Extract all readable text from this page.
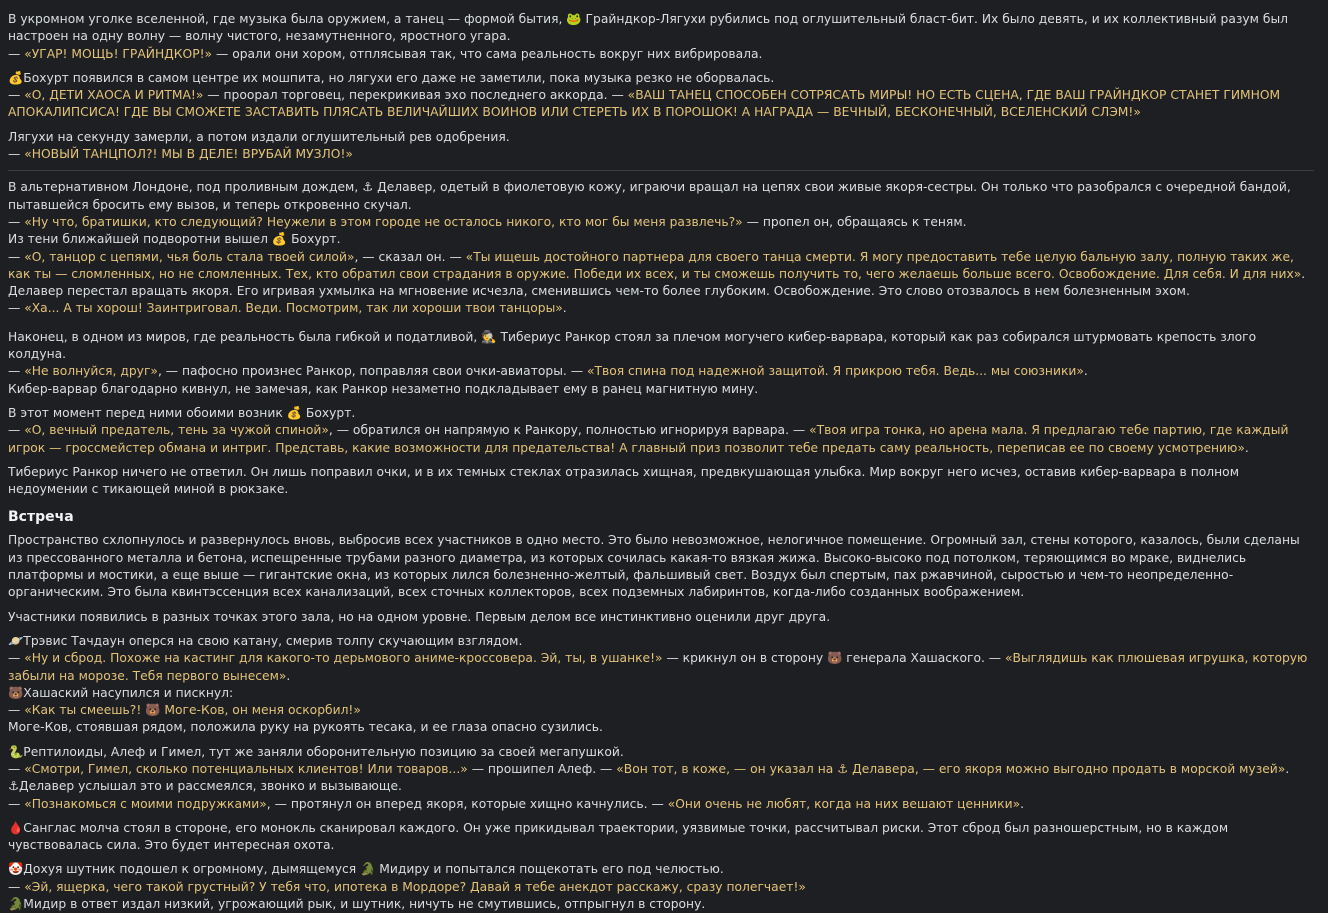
В укромном уголке вселенной, где музыка была оружием, а танец — формой бытия, 🐸 Грайндкор-Лягухи рубились под оглушительный бласт-бит. Их было девять, и их коллективный разум был настроен на одну волну — волну чистого, незамутненного, яростного угара.
— «УГАР! МОЩЬ! ГРАЙНДКОР!» — орали они хором, отплясывая так, что сама реальность вокруг них вибрировала.
💰Бохурт появился в самом центре их мошпита, но лягухи его даже не заметили, пока музыка резко не оборвалась.
— «О, ДЕТИ ХАОСА И РИТМА!» — проорал торговец, перекрикивая эхо последнего аккорда. — «ВАШ ТАНЕЦ СПОСОБЕН СОТРЯСАТЬ МИРЫ! НО ЕСТЬ СЦЕНА, ГДЕ ВАШ ГРАЙНДКОР СТАНЕТ ГИМНОМ АПОКАЛИПСИСА! ГДЕ ВЫ СМОЖЕТЕ ЗАСТАВИТЬ ПЛЯСАТЬ ВЕЛИЧАЙШИХ ВОИНОВ ИЛИ СТЕРЕТЬ ИХ В ПОРОШОК! А НАГРАДА — ВЕЧНЫЙ, БЕСКОНЕЧНЫЙ, ВСЕЛЕНСКИЙ СЛЭМ!»
Лягухи на секунду замерли, а потом издали оглушительный рев одобрения.
— «НОВЫЙ ТАНЦПОЛ?! МЫ В ДЕЛЕ! ВРУБАЙ МУЗЛО!»
В альтернативном Лондоне, под проливным дождем, ⚓ Делавер, одетый в фиолетовую кожу, играючи вращал на цепях свои живые якоря-сестры. Он только что разобрался с очередной бандой, пытавшейся бросить ему вызов, и теперь откровенно скучал.
— «Ну что, братишки, кто следующий? Неужели в этом городе не осталось никого, кто мог бы меня развлечь?» — пропел он, обращаясь к теням.
Из тени ближайшей подворотни вышел 💰 Бохурт.
— «О, танцор с цепями, чья боль стала твоей силой», — сказал он. — «Ты ищешь достойного партнера для своего танца смерти. Я могу предоставить тебе целую бальную залу, полную таких же, как ты — сломленных, но не сломленных. Тех, кто обратил свои страдания в оружие. Победи их всех, и ты сможешь получить то, чего желаешь больше всего. Освобождение. Для себя. И для них».
Делавер перестал вращать якоря. Его игривая ухмылка на мгновение исчезла, сменившись чем-то более глубоким. Освобождение. Это слово отозвалось в нем болезненным эхом.
— «Ха... А ты хорош! Заинтриговал. Веди. Посмотрим, так ли хороши твои танцоры».
Наконец, в одном из миров, где реальность была гибкой и податливой, 🕵 Тибериус Ранкор стоял за плечом могучего кибер-варвара, который как раз собирался штурмовать крепость злого колдуна.
— «Не волнуйся, друг», — пафосно произнес Ранкор, поправляя свои очки-авиаторы. — «Твоя спина под надежной защитой. Я прикрою тебя. Ведь... мы союзники».
Кибер-варвар благодарно кивнул, не замечая, как Ранкор незаметно подкладывает ему в ранец магнитную мину.
В этот момент перед ними обоими возник 💰 Бохурт.
— «О, вечный предатель, тень за чужой спиной», — обратился он напрямую к Ранкору, полностью игнорируя варвара. — «Твоя игра тонка, но арена мала. Я предлагаю тебе партию, где каждый игрок — гроссмейстер обмана и интриг. Представь, какие возможности для предательства! А главный приз позволит тебе предать саму реальность, переписав ее по своему усмотрению».
Тибериус Ранкор ничего не ответил. Он лишь поправил очки, и в их темных стеклах отразилась хищная, предвкушающая улыбка. Мир вокруг него исчез, оставив кибер-варвара в полном недоумении с тикающей миной в рюкзаке.
Встреча
Пространство схлопнулось и развернулось вновь, выбросив всех участников в одно место. Это было невозможное, нелогичное помещение. Огромный зал, стены которого, казалось, были сделаны из прессованного металла и бетона, испещренные трубами разного диаметра, из которых сочилась какая-то вязкая жижа. Высоко-высоко под потолком, теряющимся во мраке, виднелись платформы и мостики, а еще выше — гигантские окна, из которых лился болезненно-желтый, фальшивый свет. Воздух был спертым, пах ржавчиной, сыростью и чем-то неопределенно-органическим. Это была квинтэссенция всех канализаций, всех сточных коллекторов, всех подземных лабиринтов, когда-либо созданных воображением.
Участники появились в разных точках этого зала, но на одном уровне. Первым делом все инстинктивно оценили друг друга.
🪐Трэвис Тачдаун оперся на свою катану, смерив толпу скучающим взглядом.
— «Ну и сброд. Похоже на кастинг для какого-то дерьмового аниме-кроссовера. Эй, ты, в ушанке!» — крикнул он в сторону 🐻 генерала Хашаского. — «Выглядишь как плюшевая игрушка, которую забыли на морозе. Тебя первого вынесем».
🐻Хашаский насупился и пискнул:
— «Как ты смеешь?! 🐻 Моге-Ков, он меня оскорбил!»
Моге-Ков, стоявшая рядом, положила руку на рукоять тесака, и ее глаза опасно сузились.
🐍Рептилоиды, Алеф и Гимел, тут же заняли оборонительную позицию за своей мегапушкой.
— «Смотри, Гимел, сколько потенциальных клиентов! Или товаров...» — прошипел Алеф. — «Вон тот, в коже, — он указал на ⚓ Делавера, — его якоря можно выгодно продать в морской музей».
⚓Делавер услышал это и рассмеялся, звонко и вызывающе.
— «Познакомься с моими подружками», — протянул он вперед якоря, которые хищно качнулись. — «Они очень не любят, когда на них вешают ценники».
🩸Санглас молча стоял в стороне, его монокль сканировал каждого. Он уже прикидывал траектории, уязвимые точки, рассчитывал риски. Этот сброд был разношерстным, но в каждом чувствовалась сила. Это будет интересная охота.
🤡Дохуя шутник подошел к огромному, дымящемуся 🐊 Мидиру и попытался пощекотать его под челюстью.
— «Эй, ящерка, чего такой грустный? У тебя что, ипотека в Мордоре? Давай я тебе анекдот расскажу, сразу полегчает!»
🐊Мидир в ответ издал низкий, угрожающий рык, и шутник, ничуть не смутившись, отпрыгнул в сторону.
